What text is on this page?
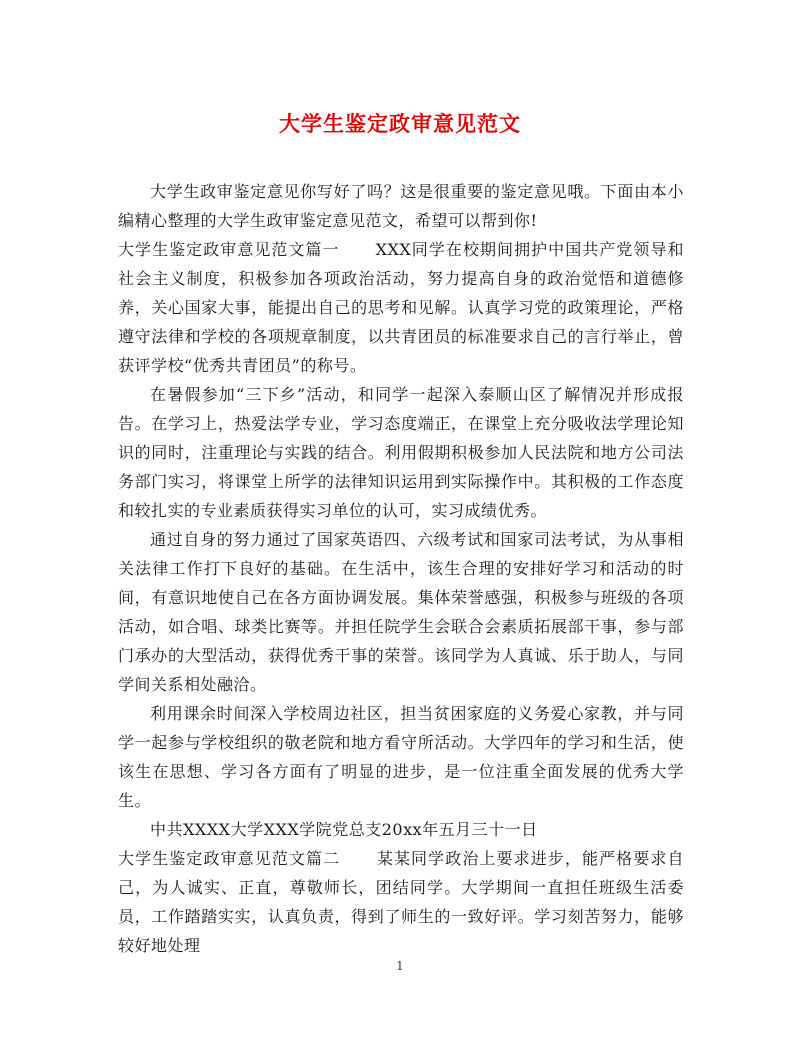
大学生鉴定政审意见范文

大学生政审鉴定意见你写好了吗？这是很重要的鉴定意见哦。下面由本小编精心整理的大学生政审鉴定意见范文，希望可以帮到你!

大学生鉴定政审意见范文篇一 XXX同学在校期间拥护中国共产党领导和社会主义制度，积极参加各项政治活动，努力提高自身的政治觉悟和道德修养，关心国家大事，能提出自己的思考和见解。认真学习党的政策理论，严格遵守法律和学校的各项规章制度，以共青团员的标准要求自己的言行举止，曾获评学校“优秀共青团员”的称号。

在暑假参加“三下乡”活动，和同学一起深入泰顺山区了解情况并形成报告。在学习上，热爱法学专业，学习态度端正，在课堂上充分吸收法学理论知识的同时，注重理论与实践的结合。利用假期积极参加人民法院和地方公司法务部门实习，将课堂上所学的法律知识运用到实际操作中。其积极的工作态度和较扎实的专业素质获得实习单位的认可，实习成绩优秀。

通过自身的努力通过了国家英语四、六级考试和国家司法考试，为从事相关法律工作打下良好的基础。在生活中，该生合理的安排好学习和活动的时间，有意识地使自己在各方面协调发展。集体荣誉感强，积极参与班级的各项活动，如合唱、球类比赛等。并担任院学生会联合会素质拓展部干事，参与部门承办的大型活动，获得优秀干事的荣誉。该同学为人真诚、乐于助人，与同学间关系相处融洽。

利用课余时间深入学校周边社区，担当贫困家庭的义务爱心家教，并与同学一起参与学校组织的敬老院和地方看守所活动。大学四年的学习和生活，使该生在思想、学习各方面有了明显的进步，是一位注重全面发展的优秀大学生。

中共XXXX大学XXX学院党总支20xx年五月三十一日

大学生鉴定政审意见范文篇二 某某同学政治上要求进步，能严格要求自己，为人诚实、正直，尊敬师长，团结同学。大学期间一直担任班级生活委员，工作踏踏实实，认真负责，得到了师生的一致好评。学习刻苦努力，能够较好地处理

1
